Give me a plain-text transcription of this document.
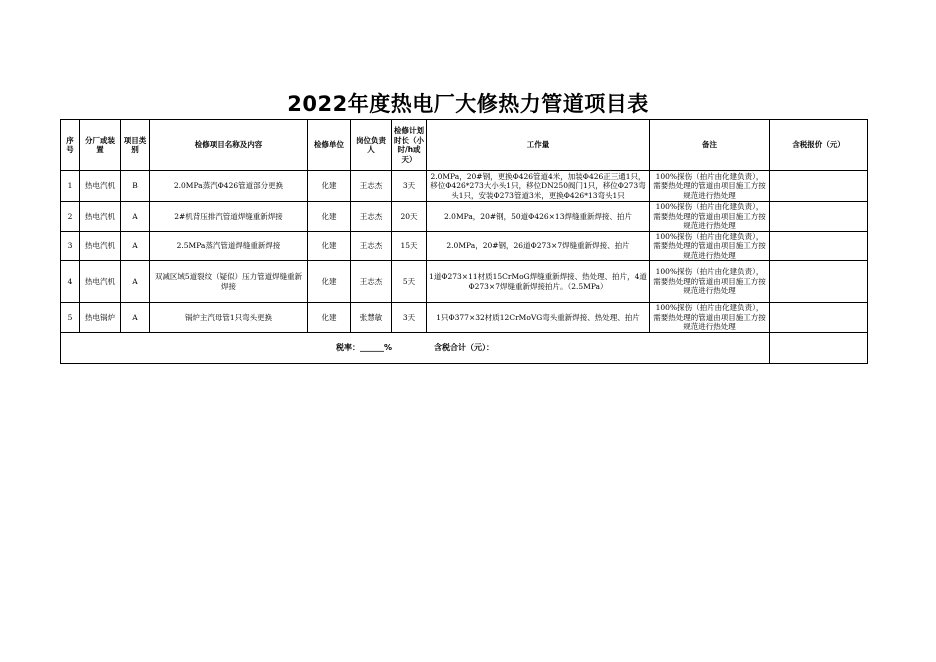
2022年度热电厂大修热力管道项目表
序号	分厂或装置	项目类别	检修项目名称及内容	检修单位	岗位负责人	检修计划时长（小时/h或天）	工作量	备注	含税报价（元）
1	热电汽机	B	2.0MPa蒸汽Φ426管道部分更换	化建	王志杰	3天	2.0MPa，20#钢，更换Φ426管道4米，加装Φ426正三通1只，移位Φ426*273大小头1只，移位DN250阀门1只，移位Φ273弯头1只，安装Φ273管道3米，更换Φ426*13弯头1只	100%探伤（拍片由化建负责），需要热处理的管道由项目施工方按规范进行热处理	
2	热电汽机	A	2#机背压排汽管道焊缝重新焊接	化建	王志杰	20天	2.0MPa，20#钢，50道Φ426×13焊缝重新焊接、拍片	100%探伤（拍片由化建负责），需要热处理的管道由项目施工方按规范进行热处理	
3	热电汽机	A	2.5MPa蒸汽管道焊缝重新焊接	化建	王志杰	15天	2.0MPa，20#钢，26道Φ273×7焊缝重新焊接、拍片	100%探伤（拍片由化建负责），需要热处理的管道由项目施工方按规范进行热处理	
4	热电汽机	A	双减区域5道裂纹（疑似）压力管道焊缝重新焊接	化建	王志杰	5天	1道Φ273×11材质15CrMoG焊缝重新焊接、热处理、拍片，4道Φ273×7焊缝重新焊接拍片。（2.5MPa）	100%探伤（拍片由化建负责），需要热处理的管道由项目施工方按规范进行热处理	
5	热电锅炉	A	锅炉主汽母管1只弯头更换	化建	张慧敏	3天	1只Φ377×32材质12CrMoVG弯头重新焊接、热处理、拍片	100%探伤（拍片由化建负责），需要热处理的管道由项目施工方按规范进行热处理	
税率：______% 含税合计（元）：									
